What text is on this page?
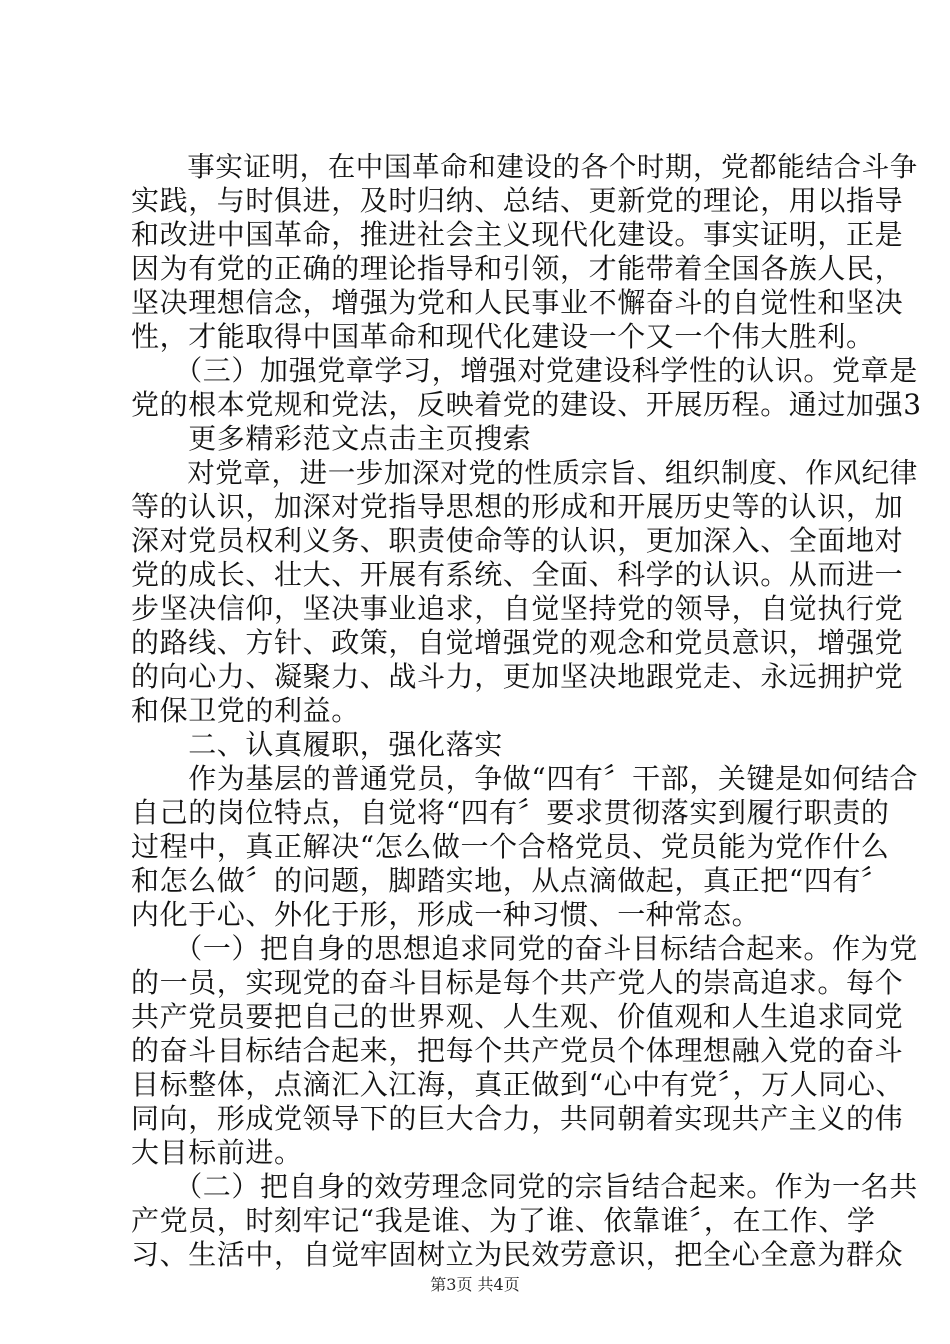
　　事实证明，在中国革命和建设的各个时期，党都能结合斗争
实践，与时俱进，及时归纳、总结、更新党的理论，用以指导
和改进中国革命，推进社会主义现代化建设。事实证明，正是
因为有党的正确的理论指导和引领，才能带着全国各族人民，
坚决理想信念，增强为党和人民事业不懈奋斗的自觉性和坚决
性，才能取得中国革命和现代化建设一个又一个伟大胜利。
　　（三）加强党章学习，增强对党建设科学性的认识。党章是
党的根本党规和党法，反映着党的建设、开展历程。通过加强3
　　更多精彩范文点击主页搜索
　　对党章，进一步加深对党的性质宗旨、组织制度、作风纪律
等的认识，加深对党指导思想的形成和开展历史等的认识，加
深对党员权利义务、职责使命等的认识，更加深入、全面地对
党的成长、壮大、开展有系统、全面、科学的认识。从而进一
步坚决信仰，坚决事业追求，自觉坚持党的领导，自觉执行党
的路线、方针、政策，自觉增强党的观念和党员意识，增强党
的向心力、凝聚力、战斗力，更加坚决地跟党走、永远拥护党
和保卫党的利益。
　　二、认真履职，强化落实
　　作为基层的普通党员，争做“四有〞干部，关键是如何结合
自己的岗位特点，自觉将“四有〞要求贯彻落实到履行职责的
过程中，真正解决“怎么做一个合格党员、党员能为党作什么
和怎么做〞的问题，脚踏实地，从点滴做起，真正把“四有〞
内化于心、外化于形，形成一种习惯、一种常态。
　　（一）把自身的思想追求同党的奋斗目标结合起来。作为党
的一员，实现党的奋斗目标是每个共产党人的崇高追求。每个
共产党员要把自己的世界观、人生观、价值观和人生追求同党
的奋斗目标结合起来，把每个共产党员个体理想融入党的奋斗
目标整体，点滴汇入江海，真正做到“心中有党〞，万人同心、
同向，形成党领导下的巨大合力，共同朝着实现共产主义的伟
大目标前进。
　　（二）把自身的效劳理念同党的宗旨结合起来。作为一名共
产党员，时刻牢记“我是谁、为了谁、依靠谁〞，在工作、学
习、生活中，自觉牢固树立为民效劳意识，把全心全意为群众
第3页 共4页
